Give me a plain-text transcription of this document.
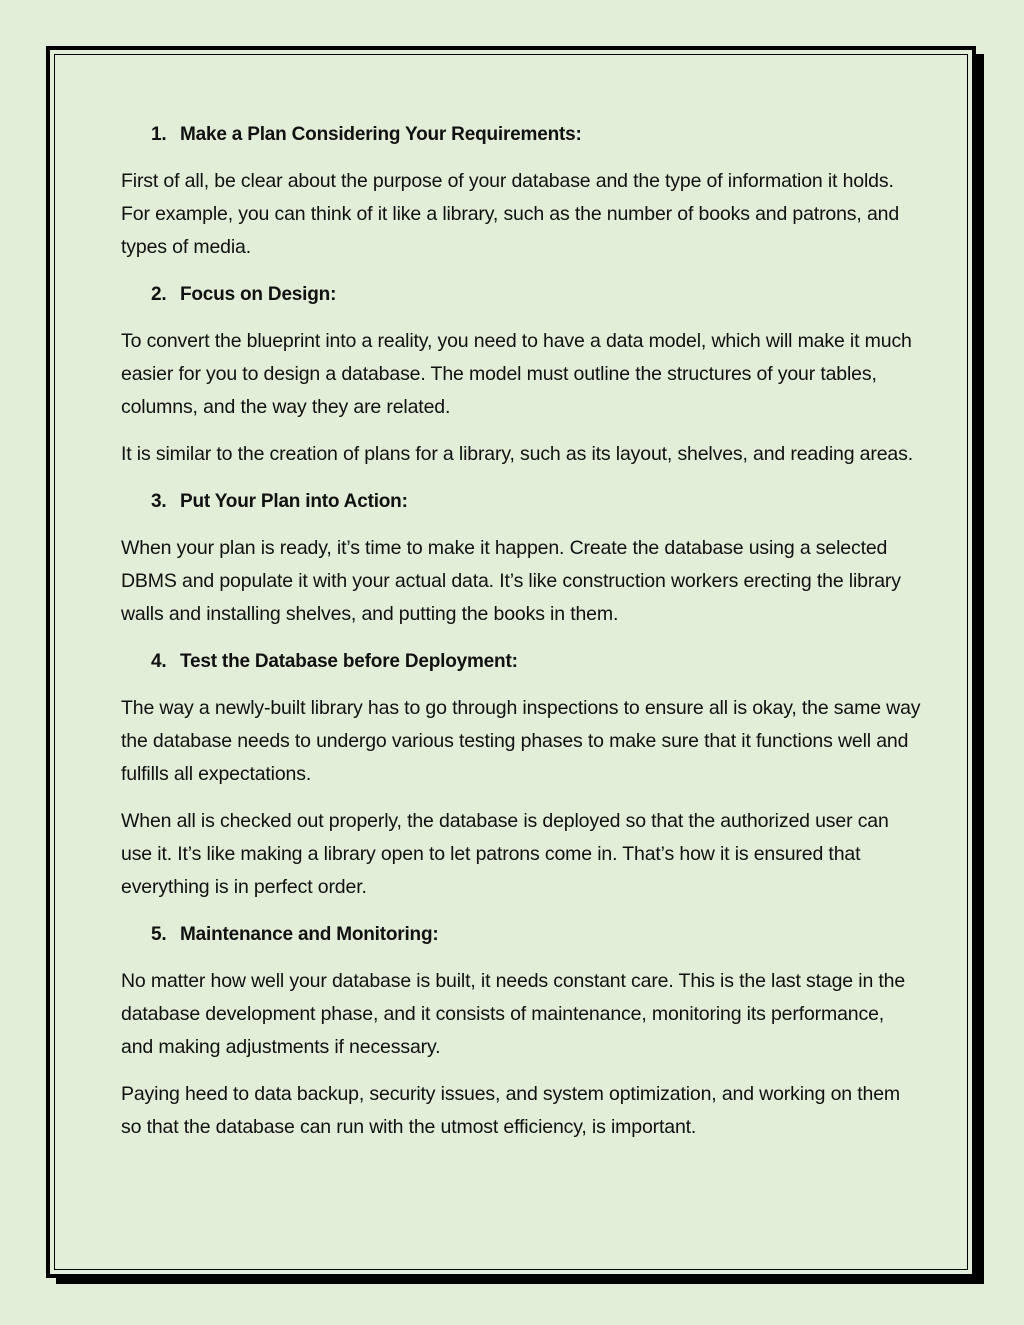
1. Make a Plan Considering Your Requirements:

First of all, be clear about the purpose of your database and the type of information it holds. For example, you can think of it like a library, such as the number of books and patrons, and types of media.

2. Focus on Design:

To convert the blueprint into a reality, you need to have a data model, which will make it much easier for you to design a database. The model must outline the structures of your tables, columns, and the way they are related.

It is similar to the creation of plans for a library, such as its layout, shelves, and reading areas.

3. Put Your Plan into Action:

When your plan is ready, it’s time to make it happen. Create the database using a selected DBMS and populate it with your actual data. It’s like construction workers erecting the library walls and installing shelves, and putting the books in them.

4. Test the Database before Deployment:

The way a newly-built library has to go through inspections to ensure all is okay, the same way the database needs to undergo various testing phases to make sure that it functions well and fulfills all expectations.

When all is checked out properly, the database is deployed so that the authorized user can use it. It’s like making a library open to let patrons come in. That’s how it is ensured that everything is in perfect order.

5. Maintenance and Monitoring:

No matter how well your database is built, it needs constant care. This is the last stage in the database development phase, and it consists of maintenance, monitoring its performance, and making adjustments if necessary.

Paying heed to data backup, security issues, and system optimization, and working on them so that the database can run with the utmost efficiency, is important.
